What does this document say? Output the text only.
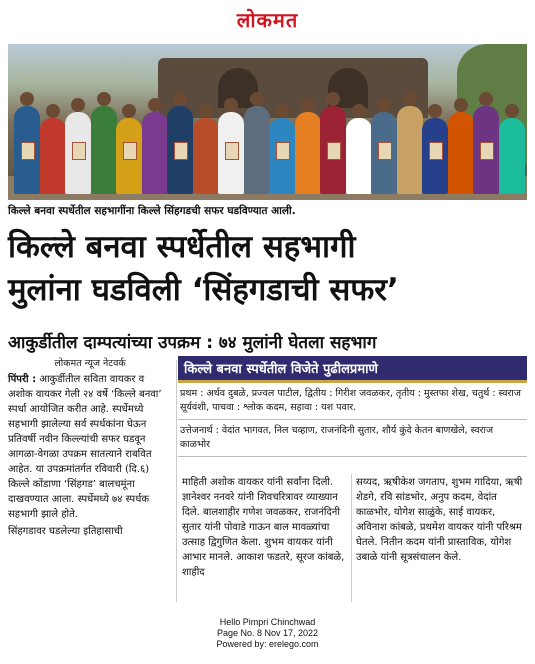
लोकमत
किल्ले बनवा स्पर्धेतील सहभागींना किल्ले सिंहगडची सफर घडविण्यात आली.
किल्ले बनवा स्पर्धेतील सहभागी
मुलांना घडविली ‘सिंहगडाची सफर’
आकुर्डीतील दाम्पत्यांच्या उपक्रम : ७४ मुलांनी घेतला सहभाग
लोकमत न्यूज नेटवर्क
पिंपरी : आकुर्डीतील सविता वायकर व अशोक वायकर गेली २४ वर्षे ‘किल्ले बनवा’ स्पर्धा आयोजित करीत आहे. स्पर्धेमध्ये सहभागी झालेल्या सर्व स्पर्धकांना घेऊन प्रतिवर्षी नवीन किल्ल्यांची सफर घडवून आगळा-वेगळा उपक्रम सातत्याने राबवित आहेत. या उपक्रमांतर्गत रविवारी (दि.६) किल्ले कोंडाणा ‘सिंहगड’ बालचमूंना दाखवण्यात आला. स्पर्धेमध्ये ७४ स्पर्धक सहभागी झाले होते.
सिंहगडावर घडलेल्या इतिहासाची
किल्ले बनवा स्पर्धेतील विजेते पुढीलप्रमाणे
प्रथम : अर्थव दुबळे, प्रज्वल पाटील, द्वितीय : गिरीश जवळकर, तृतीय : मुस्तफा शेख, चतुर्थ : स्वराज सूर्यवंशी, पाचवा : श्लोक कदम, सहावा : यश पवार.
उत्तेजनार्थ : वेदांत भागवत, निल चव्हाण, राजनंदिनी सुतार, शौर्य कुंदे केतन बाणखेले, स्वराज काळभोर
माहिती अशोक वायकर यांनी सर्वांना दिली. ज्ञानेश्वर ननवरे यांनी शिवचरित्रावर व्याख्यान दिले. बालशाहीर गणेश जवळकर, राजनंदिनी सुतार यांनी पोवाडे गाऊन बाल मावळ्यांचा उत्साह द्विगुणित केला. शुभम वायकर यांनी आभार मानले. आकाश फडतरे, सूरज कांबळे, शाहीद
सय्यद, ऋषीकेश जगताप, शुभम गादिया, ऋषी शेडगे, रवि सांडभोर, अनुप कदम, वेदांत काळभोर, योगेश साळुंके, साई वायकर, अविनाश कांबळे, प्रथमेश वायकर यांनी परिश्रम घेतले. नितीन कदम यांनी प्रास्ताविक, योगेश उबाळे यांनी सूत्रसंचालन केले.
Hello Pimpri Chinchwad
Page No. 8 Nov 17, 2022
Powered by: erelego.com
